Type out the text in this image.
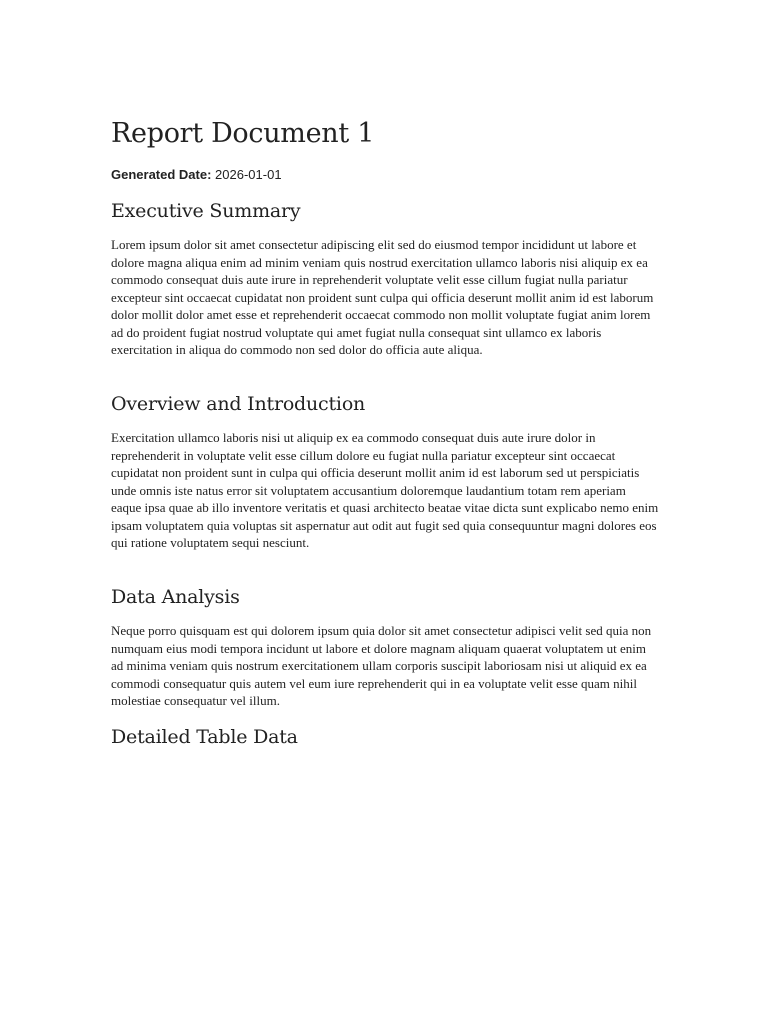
Report Document 1
Generated Date: 2026-01-01
Executive Summary

Lorem ipsum dolor sit amet consectetur adipiscing elit sed do eiusmod tempor incididunt ut labore et dolore magna aliqua enim ad minim veniam quis nostrud exercitation ullamco laboris nisi aliquip ex ea commodo consequat duis aute irure in reprehenderit voluptate velit esse cillum fugiat nulla pariatur excepteur sint occaecat cupidatat non proident sunt culpa qui officia deserunt mollit anim id est laborum dolor mollit dolor amet esse et reprehenderit occaecat commodo non mollit voluptate fugiat anim lorem ad do proident fugiat nostrud voluptate qui amet fugiat nulla consequat sint ullamco ex laboris exercitation in aliqua do commodo non sed dolor do officia aute aliqua.

Overview and Introduction

Exercitation ullamco laboris nisi ut aliquip ex ea commodo consequat duis aute irure dolor in reprehenderit in voluptate velit esse cillum dolore eu fugiat nulla pariatur excepteur sint occaecat cupidatat non proident sunt in culpa qui officia deserunt mollit anim id est laborum sed ut perspiciatis unde omnis iste natus error sit voluptatem accusantium doloremque laudantium totam rem aperiam eaque ipsa quae ab illo inventore veritatis et quasi architecto beatae vitae dicta sunt explicabo nemo enim ipsam voluptatem quia voluptas sit aspernatur aut odit aut fugit sed quia consequuntur magni dolores eos qui ratione voluptatem sequi nesciunt.

Data Analysis

Neque porro quisquam est qui dolorem ipsum quia dolor sit amet consectetur adipisci velit sed quia non numquam eius modi tempora incidunt ut labore et dolore magnam aliquam quaerat voluptatem ut enim ad minima veniam quis nostrum exercitationem ullam corporis suscipit laboriosam nisi ut aliquid ex ea commodi consequatur quis autem vel eum iure reprehenderit qui in ea voluptate velit esse quam nihil molestiae consequatur vel illum.

Detailed Table Data
